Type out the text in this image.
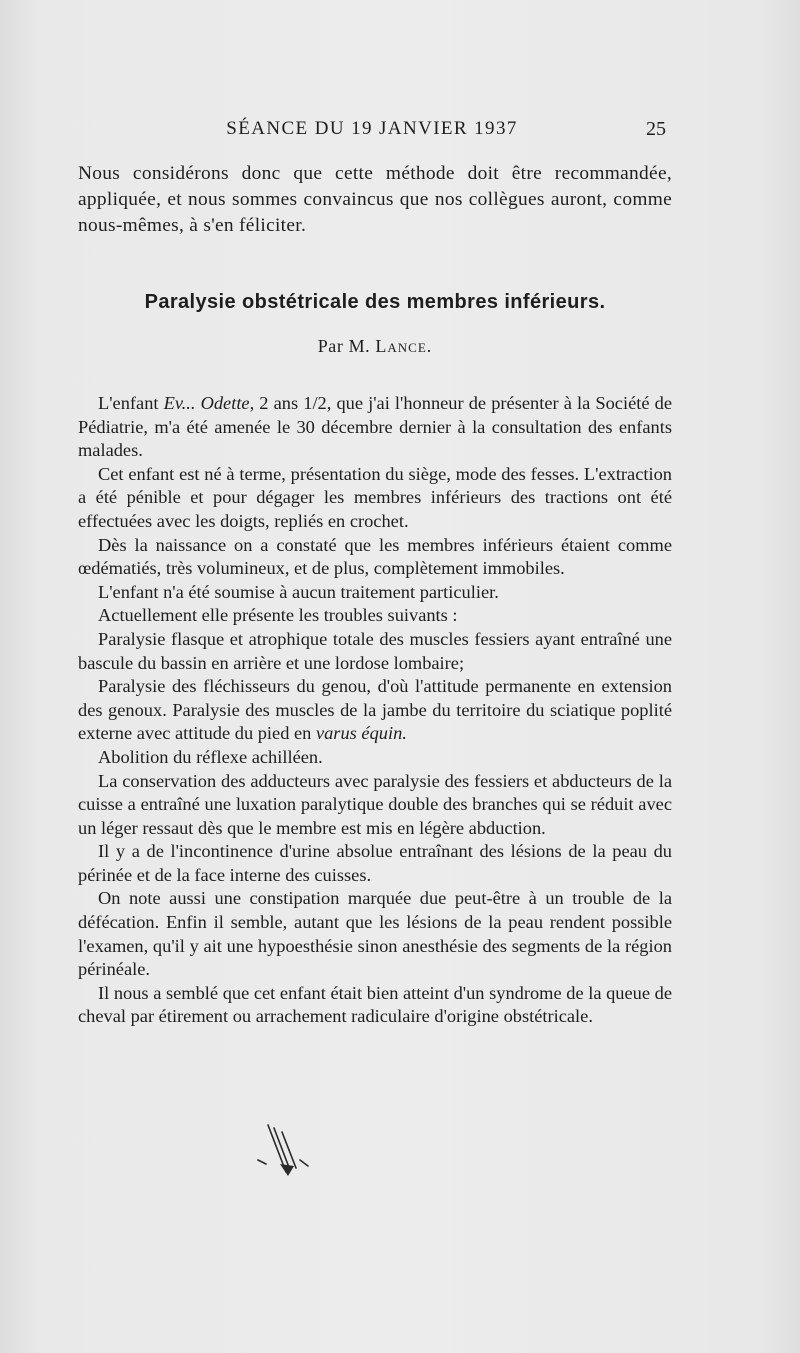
SÉANCE DU 19 JANVIER 1937	25
Nous considérons donc que cette méthode doit être recommandée, appliquée, et nous sommes convaincus que nos collègues auront, comme nous-mêmes, à s'en féliciter.
Paralysie obstétricale des membres inférieurs.
Par M. Lance.

L'enfant Ev... Odette, 2 ans 1/2, que j'ai l'honneur de présenter à la Société de Pédiatrie, m'a été amenée le 30 décembre dernier à la consultation des enfants malades.

Cet enfant est né à terme, présentation du siège, mode des fesses. L'extraction a été pénible et pour dégager les membres inférieurs des tractions ont été effectuées avec les doigts, repliés en crochet.

Dès la naissance on a constaté que les membres inférieurs étaient comme œdématiés, très volumineux, et de plus, complètement immobiles.

L'enfant n'a été soumise à aucun traitement particulier.

Actuellement elle présente les troubles suivants :

Paralysie flasque et atrophique totale des muscles fessiers ayant entraîné une bascule du bassin en arrière et une lordose lombaire;

Paralysie des fléchisseurs du genou, d'où l'attitude permanente en extension des genoux. Paralysie des muscles de la jambe du territoire du sciatique poplité externe avec attitude du pied en varus équin.

Abolition du réflexe achilléen.

La conservation des adducteurs avec paralysie des fessiers et abducteurs de la cuisse a entraîné une luxation paralytique double des branches qui se réduit avec un léger ressaut dès que le membre est mis en légère abduction.

Il y a de l'incontinence d'urine absolue entraînant des lésions de la peau du périnée et de la face interne des cuisses.

On note aussi une constipation marquée due peut-être à un trouble de la défécation. Enfin il semble, autant que les lésions de la peau rendent possible l'examen, qu'il y ait une hypoesthésie sinon anesthésie des segments de la région périnéale.

Il nous a semblé que cet enfant était bien atteint d'un syndrome de la queue de cheval par étirement ou arrachement radiculaire d'origine obstétricale.
